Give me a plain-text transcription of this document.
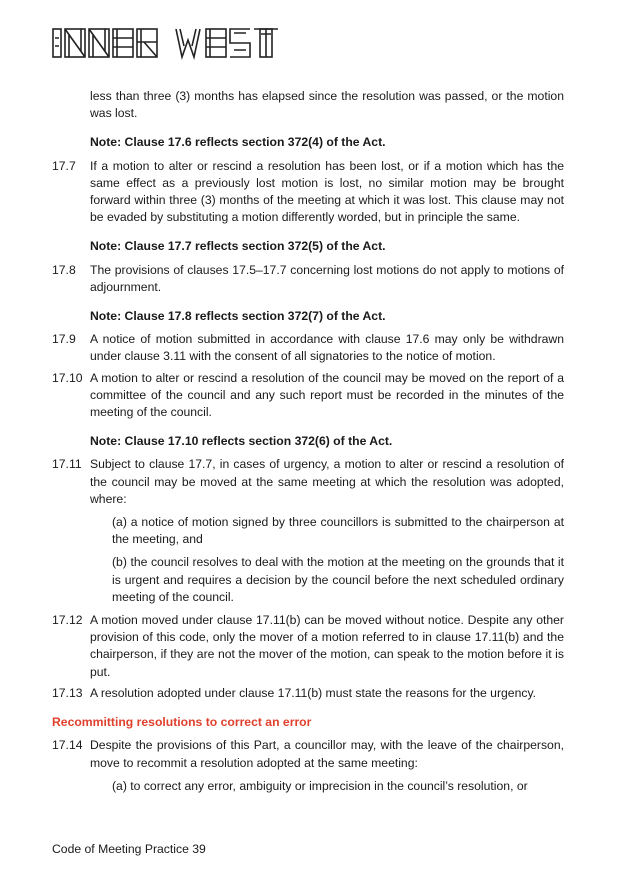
less than three (3) months has elapsed since the resolution was passed, or the motion was lost.
Note: Clause 17.6 reflects section 372(4) of the Act.
17.7	If a motion to alter or rescind a resolution has been lost, or if a motion which has the same effect as a previously lost motion is lost, no similar motion may be brought forward within three (3) months of the meeting at which it was lost. This clause may not be evaded by substituting a motion differently worded, but in principle the same.
Note: Clause 17.7 reflects section 372(5) of the Act.
17.8	The provisions of clauses 17.5–17.7 concerning lost motions do not apply to motions of adjournment.
Note: Clause 17.8 reflects section 372(7) of the Act.
17.9	A notice of motion submitted in accordance with clause 17.6 may only be withdrawn under clause 3.11 with the consent of all signatories to the notice of motion.
17.10 A motion to alter or rescind a resolution of the council may be moved on the report of a committee of the council and any such report must be recorded in the minutes of the meeting of the council.
Note: Clause 17.10 reflects section 372(6) of the Act.
17.11 Subject to clause 17.7, in cases of urgency, a motion to alter or rescind a resolution of the council may be moved at the same meeting at which the resolution was adopted, where:
(a) a notice of motion signed by three councillors is submitted to the chairperson at the meeting, and
(b) the council resolves to deal with the motion at the meeting on the grounds that it is urgent and requires a decision by the council before the next scheduled ordinary meeting of the council.
17.12 A motion moved under clause 17.11(b) can be moved without notice. Despite any other provision of this code, only the mover of a motion referred to in clause 17.11(b) and the chairperson, if they are not the mover of the motion, can speak to the motion before it is put.
17.13 A resolution adopted under clause 17.11(b) must state the reasons for the urgency.
Recommitting resolutions to correct an error
17.14 Despite the provisions of this Part, a councillor may, with the leave of the chairperson, move to recommit a resolution adopted at the same meeting:
(a) to correct any error, ambiguity or imprecision in the council’s resolution, or
Code of Meeting Practice 39
